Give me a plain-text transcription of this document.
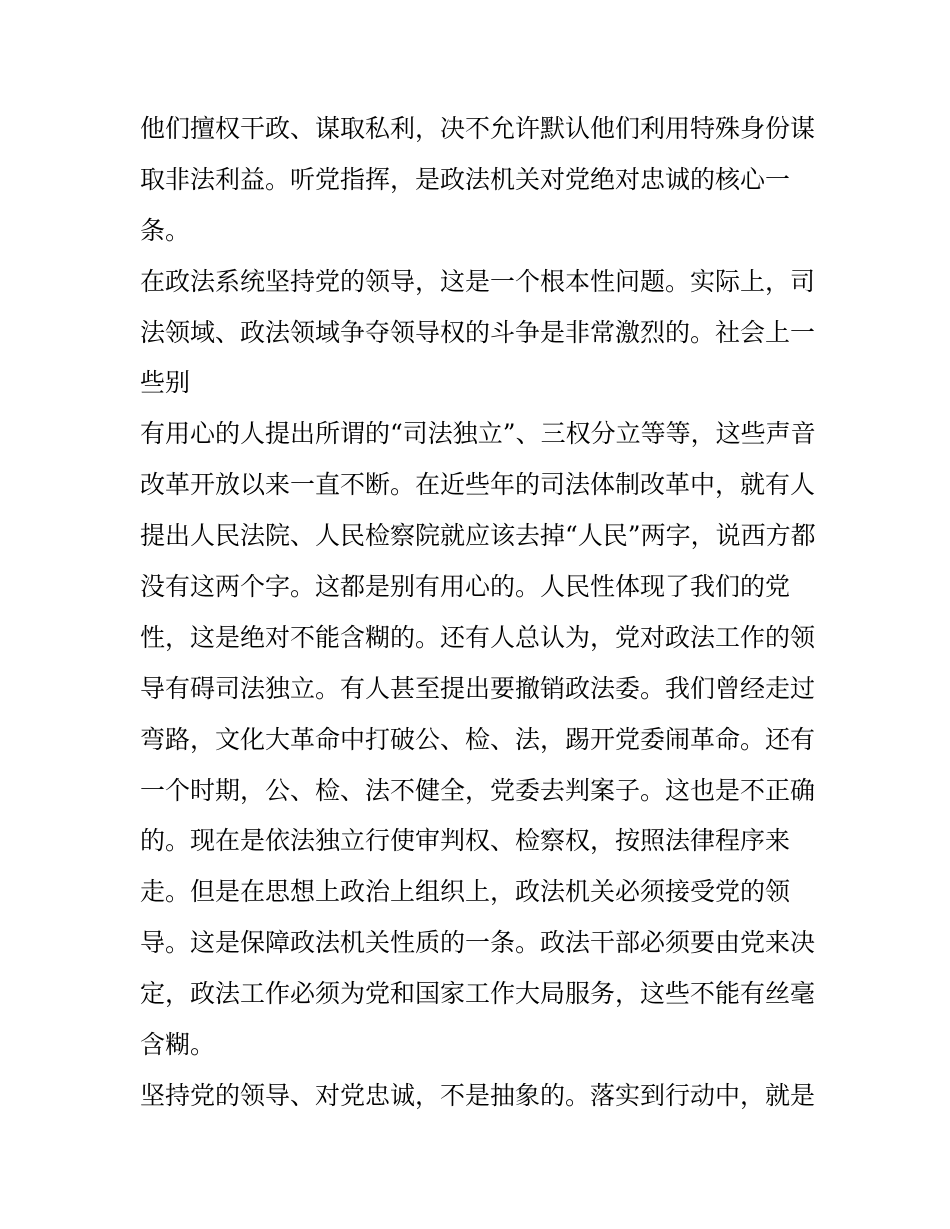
他们擅权干政、谋取私利，决不允许默认他们利用特殊身份谋
取非法利益。听党指挥，是政法机关对党绝对忠诚的核心一
条。
在政法系统坚持党的领导，这是一个根本性问题。实际上，司
法领域、政法领域争夺领导权的斗争是非常激烈的。社会上一
些别
有用心的人提出所谓的“司法独立”、三权分立等等，这些声音
改革开放以来一直不断。在近些年的司法体制改革中，就有人
提出人民法院、人民检察院就应该去掉“人民”两字，说西方都
没有这两个字。这都是别有用心的。人民性体现了我们的党
性，这是绝对不能含糊的。还有人总认为，党对政法工作的领
导有碍司法独立。有人甚至提出要撤销政法委。我们曾经走过
弯路，文化大革命中打破公、检、法，踢开党委闹革命。还有
一个时期，公、检、法不健全，党委去判案子。这也是不正确
的。现在是依法独立行使审判权、检察权，按照法律程序来
走。但是在思想上政治上组织上，政法机关必须接受党的领
导。这是保障政法机关性质的一条。政法干部必须要由党来决
定，政法工作必须为党和国家工作大局服务，这些不能有丝毫
含糊。
坚持党的领导、对党忠诚，不是抽象的。落实到行动中，就是
